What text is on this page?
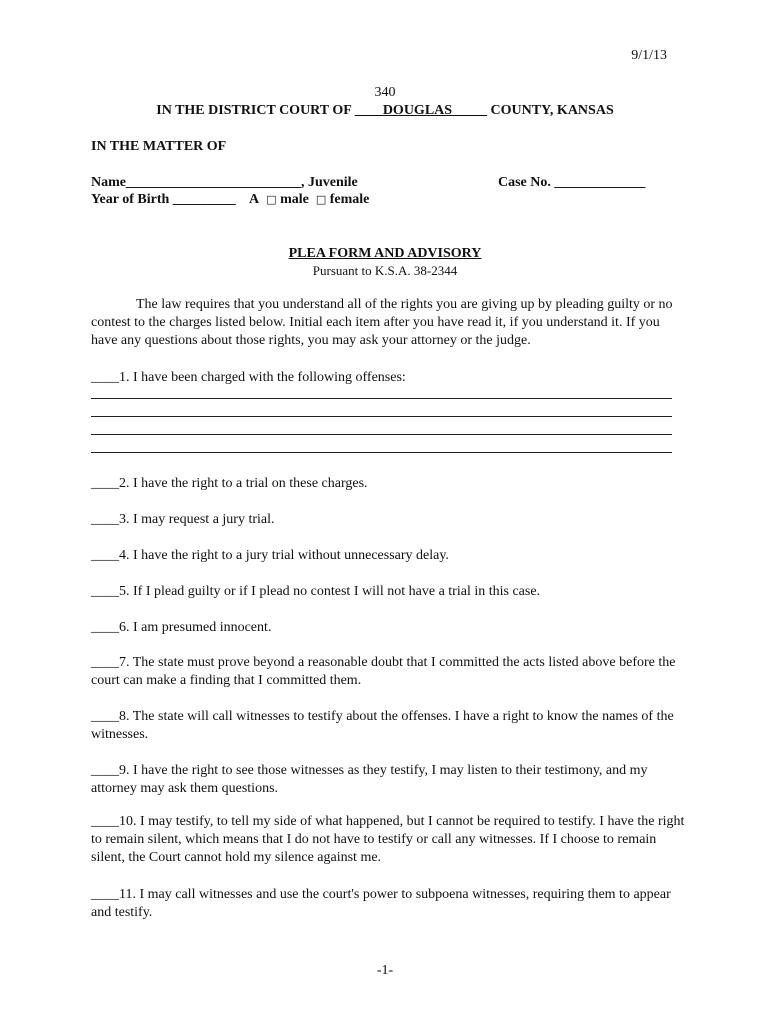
9/1/13
340
IN THE DISTRICT COURT OF ____DOUGLAS_____ COUNTY, KANSAS
IN THE MATTER OF
Name_________________________, Juvenile	Case No. _____________
Year of Birth _________ A □ male □ female
PLEA FORM AND ADVISORY
Pursuant to K.S.A. 38-2344
The law requires that you understand all of the rights you are giving up by pleading guilty or no contest to the charges listed below. Initial each item after you have read it, if you understand it. If you have any questions about those rights, you may ask your attorney or the judge.
____1. I have been charged with the following offenses:
____2. I have the right to a trial on these charges.
____3. I may request a jury trial.
____4. I have the right to a jury trial without unnecessary delay.
____5. If I plead guilty or if I plead no contest I will not have a trial in this case.
____6. I am presumed innocent.
____7. The state must prove beyond a reasonable doubt that I committed the acts listed above before the court can make a finding that I committed them.
____8. The state will call witnesses to testify about the offenses. I have a right to know the names of the witnesses.
____9. I have the right to see those witnesses as they testify, I may listen to their testimony, and my attorney may ask them questions.
____10. I may testify, to tell my side of what happened, but I cannot be required to testify. I have the right to remain silent, which means that I do not have to testify or call any witnesses. If I choose to remain silent, the Court cannot hold my silence against me.
____11. I may call witnesses and use the court's power to subpoena witnesses, requiring them to appear and testify.
-1-
